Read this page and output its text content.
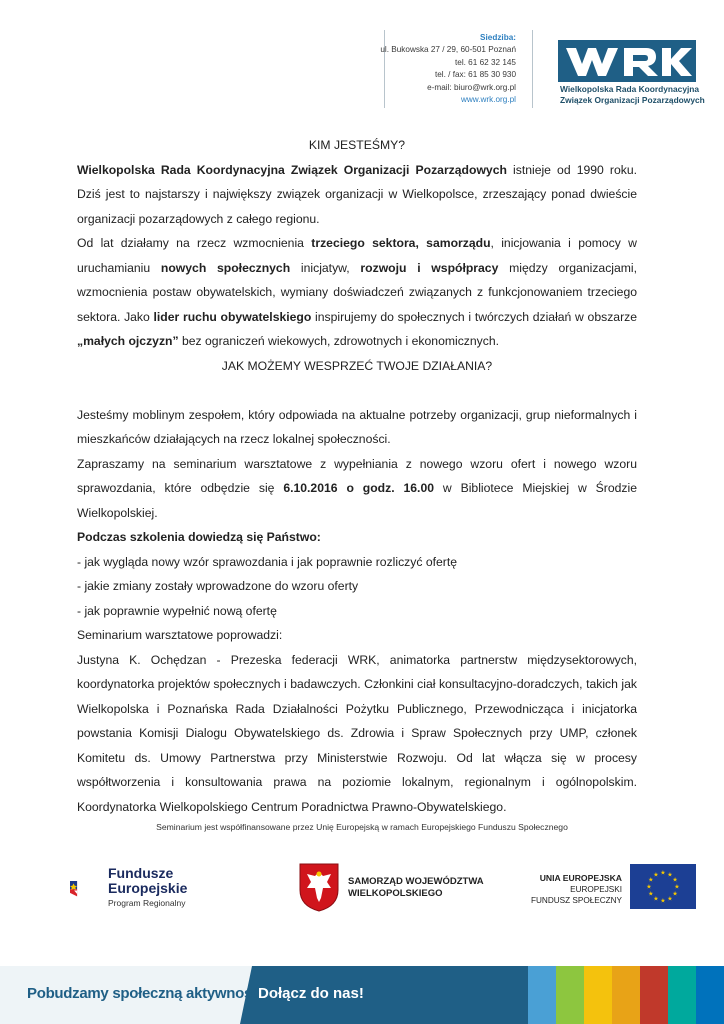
Siedziba:
ul. Bukowska 27 / 29, 60-501 Poznań
tel. 61 62 32 145
tel. / fax: 61 85 30 930
e-mail: biuro@wrk.org.pl
www.wrk.org.pl
Wielkopolska Rada Koordynacyjna
Związek Organizacji Pozarządowych

KIM JESTEŚMY?

Wielkopolska Rada Koordynacyjna Związek Organizacji Pozarządowych istnieje od 1990 roku. Dziś jest to najstarszy i największy związek organizacji w Wielkopolsce, zrzeszający ponad dwieście organizacji pozarządowych z całego regionu.

Od lat działamy na rzecz wzmocnienia trzeciego sektora, samorządu, inicjowania i pomocy w uruchamianiu nowych społecznych inicjatyw, rozwoju i współpracy między organizacjami, wzmocnienia postaw obywatelskich, wymiany doświadczeń związanych z funkcjonowaniem trzeciego sektora. Jako lider ruchu obywatelskiego inspirujemy do społecznych i twórczych działań w obszarze „małych ojczyzn” bez ograniczeń wiekowych, zdrowotnych i ekonomicznych.

JAK MOŻEMY WESPRZEĆ TWOJE DZIAŁANIA?

Jesteśmy moblinym zespołem, który odpowiada na aktualne potrzeby organizacji, grup nieformalnych i mieszkańców działających na rzecz lokalnej społeczności.

Zapraszamy na seminarium warsztatowe z wypełniania z nowego wzoru ofert i nowego wzoru sprawozdania, które odbędzie się 6.10.2016 o godz. 16.00 w Bibliotece Miejskiej w Środzie Wielkopolskiej.

Podczas szkolenia dowiedzą się Państwo:

- jak wygląda nowy wzór sprawozdania i jak poprawnie rozliczyć ofertę

- jakie zmiany zostały wprowadzone do wzoru oferty

- jak poprawnie wypełnić nową ofertę

Seminarium warsztatowe poprowadzi:

Justyna K. Ochędzan - Prezeska federacji WRK, animatorka partnerstw międzysektorowych, koordynatorka projektów społecznych i badawczych. Członkini ciał konsultacyjno-doradczych, takich jak Wielkopolska i Poznańska Rada Działalności Pożytku Publicznego, Przewodnicząca i inicjatorka powstania Komisji Dialogu Obywatelskiego ds. Zdrowia i Spraw Społecznych przy UMP, członek Komitetu ds. Umowy Partnerstwa przy Ministerstwie Rozwoju. Od lat włącza się w procesy współtworzenia i konsultowania prawa na poziomie lokalnym, regionalnym i ogólnopolskim. Koordynatorka Wielkopolskiego Centrum Poradnictwa Prawno-Obywatelskiego.

Seminarium jest współfinansowane przez Unię Europejską w ramach Europejskiego Funduszu Społecznego
Fundusze
Europejskie
Program Regionalny
SAMORZĄD WOJEWÓDZTWA
WIELKOPOLSKIEGO
UNIA EUROPEJSKA
EUROPEJSKI
FUNDUSZ SPOŁECZNY
★
★
★
★
★
★
★
★
★ ★ ★
★
Pobudzamy społeczną aktywność.
Dołącz do nas!
